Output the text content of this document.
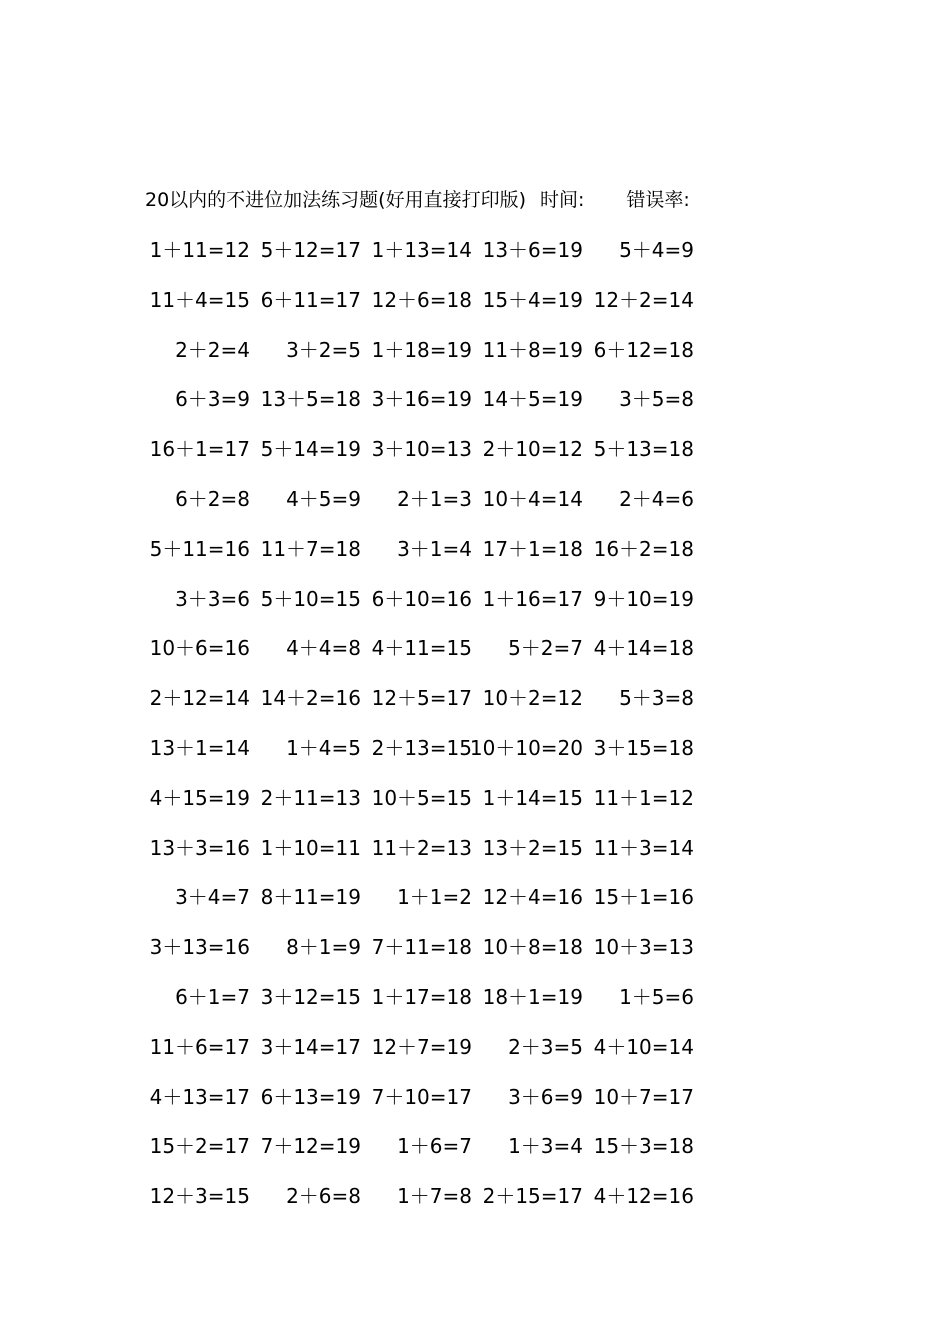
20以内的不进位加法练习题(好用直接打印版) 时间: 错误率:
1＋11=12 5＋12=17 1＋13=14 13＋6=19 5＋4=9
11＋4=15 6＋11=17 12＋6=18 15＋4=19 12＋2=14
2＋2=4 3＋2=5 1＋18=19 11＋8=19 6＋12=18
6＋3=9 13＋5=18 3＋16=19 14＋5=19 3＋5=8
16＋1=17 5＋14=19 3＋10=13 2＋10=12 5＋13=18
6＋2=8 4＋5=9 2＋1=3 10＋4=14 2＋4=6
5＋11=16 11＋7=18 3＋1=4 17＋1=18 16＋2=18
3＋3=6 5＋10=15 6＋10=16 1＋16=17 9＋10=19
10＋6=16 4＋4=8 4＋11=15 5＋2=7 4＋14=18
2＋12=14 14＋2=16 12＋5=17 10＋2=12 5＋3=8
13＋1=14 1＋4=5 2＋13=15
10＋10=20 3＋15=18
4＋15=19 2＋11=13 10＋5=15 1＋14=15 11＋1=12
13＋3=16 1＋10=11 11＋2=13 13＋2=15 11＋3=14
3＋4=7 8＋11=19 1＋1=2 12＋4=16 15＋1=16
3＋13=16 8＋1=9 7＋11=18 10＋8=18 10＋3=13
6＋1=7 3＋12=15 1＋17=18 18＋1=19 1＋5=6
11＋6=17 3＋14=17 12＋7=19 2＋3=5 4＋10=14
4＋13=17 6＋13=19 7＋10=17 3＋6=9 10＋7=17
15＋2=17 7＋12=19 1＋6=7 1＋3=4 15＋3=18
12＋3=15 2＋6=8 1＋7=8 2＋15=17 4＋12=16
